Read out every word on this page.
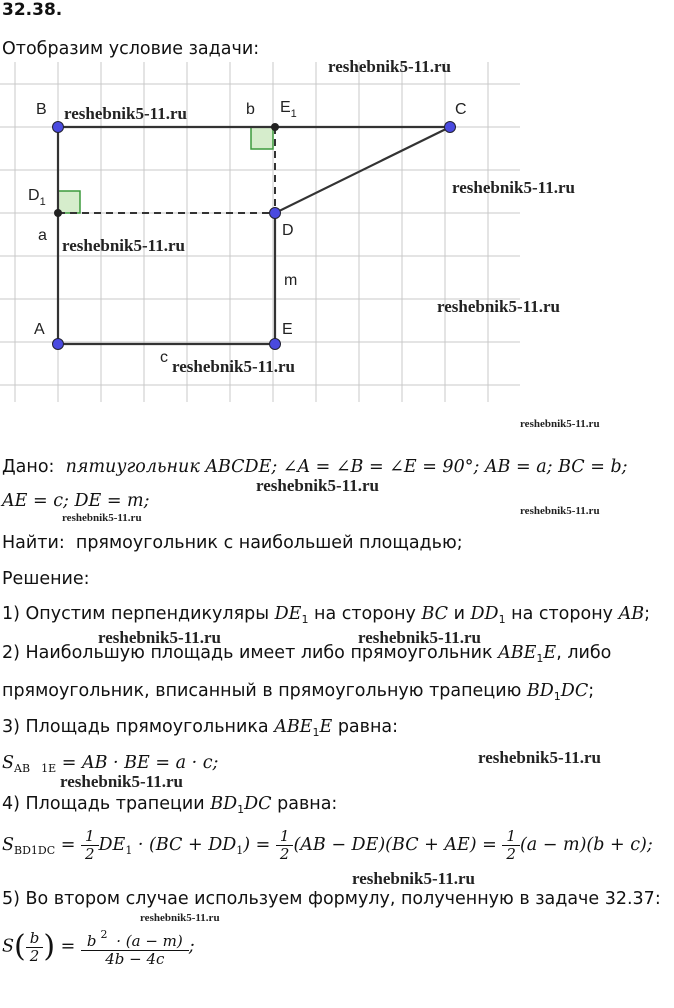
32.38.
Отобразим условие задачи:
B
A
C
D
E
$E_1$
$D_1$
a
b
c
m
reshebnik5-11.ru
reshebnik5-11.ru
reshebnik5-11.ru
reshebnik5-11.ru
reshebnik5-11.ru
reshebnik5-11.ru
reshebnik5-11.ru
Дано: пятиугольник ABCDE; ∠A = ∠B = ∠E = 90°; AB = a; BC = b;
reshebnik5-11.ru
AE = c; DE = m;	reshebnik5-11.ru
reshebnik5-11.ru
Найти: прямоугольник с наибольшей площадью;
Решение:
1) Опустим перпендикуляры $DE_1$ на сторону BC и $DD_1$ на сторону AB;
reshebnik5-11.ru	reshebnik5-11.ru
2) Наибольшую площадь имеет либо прямоугольник $ABE_1E$, либо
прямоугольник, вписанный в прямоугольную трапецию $BD_1DC$;
3) Площадь прямоугольника $ABE_1E$ равна:
$S_{AB}$ $_{1E}$ = AB · BE = a · c;	reshebnik5-11.ru
reshebnik5-11.ru
4) Площадь трапеции $BD_1DC$ равна:
$S_{BD1DC} = \frac{1}{2} DE_1 \cdot (BC + DD_1) = \frac{1}{2} (AB - DE)(BC + AE) = \frac{1}{2} (a - m)(b + c)$;
reshebnik5-11.ru
5) Во втором случае используем формулу, полученную в задаче 32.37:
reshebnik5-11.ru
$S( \frac{b}{2}$ ) = $\frac{b ^2 \cdot (a - m)}{4b - 4c}$ ;
